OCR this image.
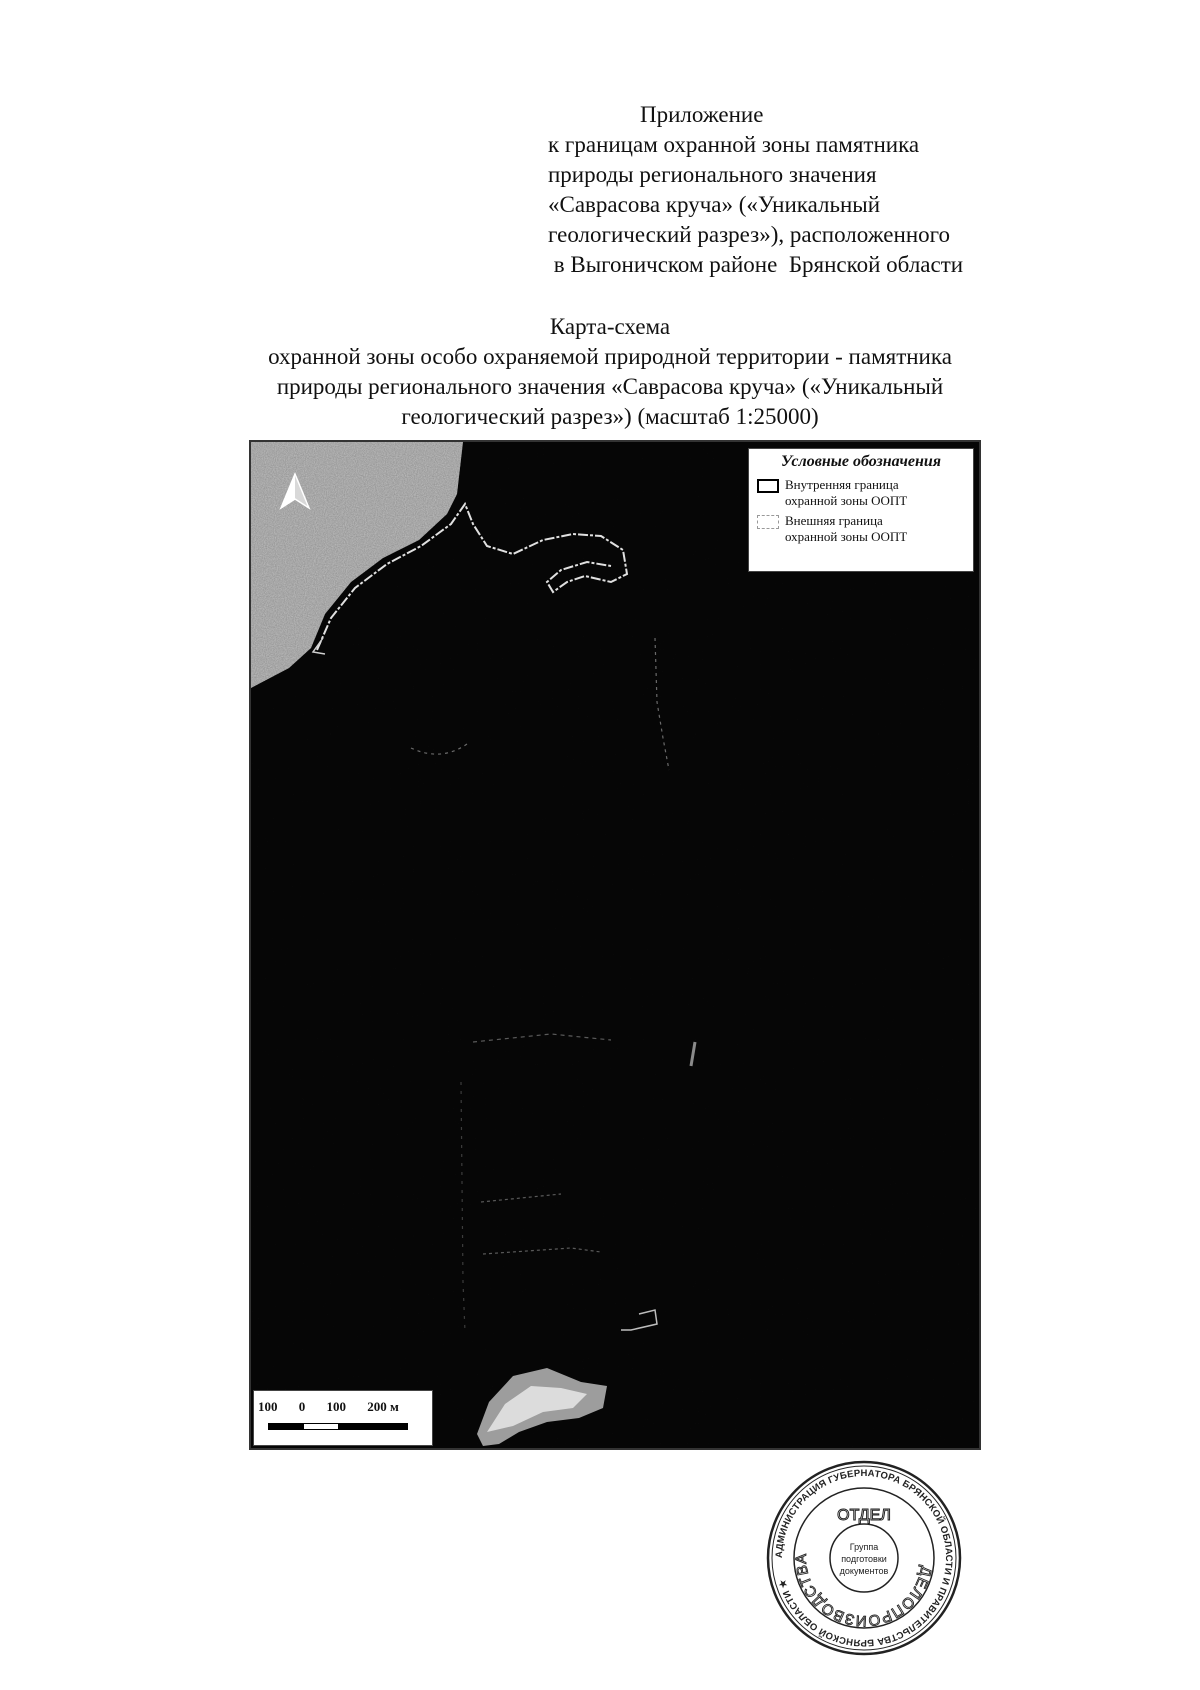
Приложение
к границам охранной зоны памятника
природы регионального значения
«Саврасова круча» («Уникальный
геологический разрез»), расположенного
в Выгоничском районе  Брянской области
Карта-схема
охранной зоны особо охраняемой природной территории - памятника
природы регионального значения «Саврасова круча» («Уникальный
геологический разрез») (масштаб 1:25000)
Условные обозначения
Внутренняя граница
охранной зоны ООПТ
Внешняя граница
охранной зоны ООПТ
100 0 100 200 м
АДМИНИСТРАЦИЯ ГУБЕРНАТОРА БРЯНСКОЙ ОБЛАСТИ И ПРАВИТЕЛЬСТВА БРЯНСКОЙ ОБЛАСТИ ★
ОТДЕЛ
ДЕЛОПРОИЗВОДСТВА
Группа
подготовки
документов
